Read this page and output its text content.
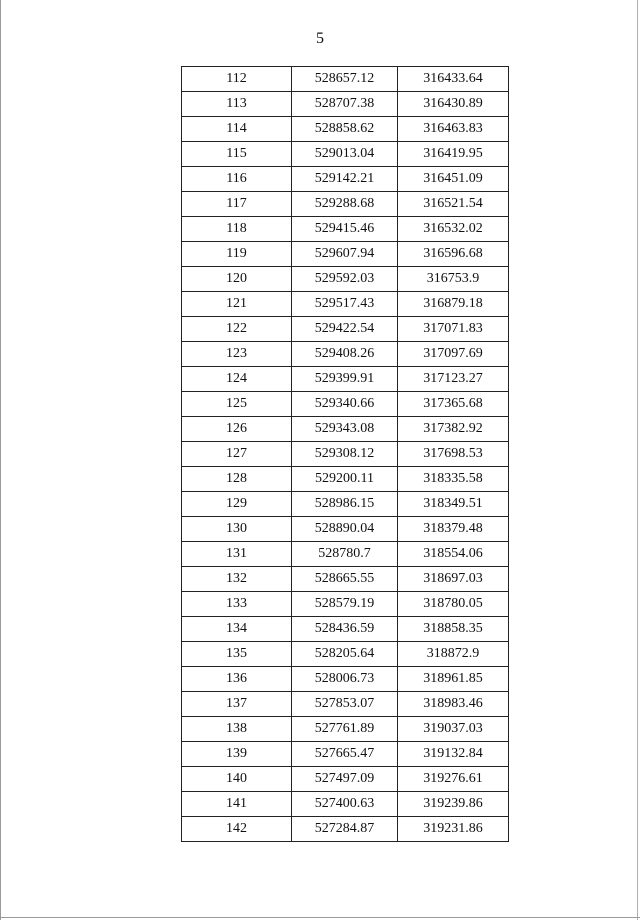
5
112	528657.12	316433.64
113	528707.38	316430.89
114	528858.62	316463.83
115	529013.04	316419.95
116	529142.21	316451.09
117	529288.68	316521.54
118	529415.46	316532.02
119	529607.94	316596.68
120	529592.03	316753.9
121	529517.43	316879.18
122	529422.54	317071.83
123	529408.26	317097.69
124	529399.91	317123.27
125	529340.66	317365.68
126	529343.08	317382.92
127	529308.12	317698.53
128	529200.11	318335.58
129	528986.15	318349.51
130	528890.04	318379.48
131	528780.7	318554.06
132	528665.55	318697.03
133	528579.19	318780.05
134	528436.59	318858.35
135	528205.64	318872.9
136	528006.73	318961.85
137	527853.07	318983.46
138	527761.89	319037.03
139	527665.47	319132.84
140	527497.09	319276.61
141	527400.63	319239.86
142	527284.87	319231.86
